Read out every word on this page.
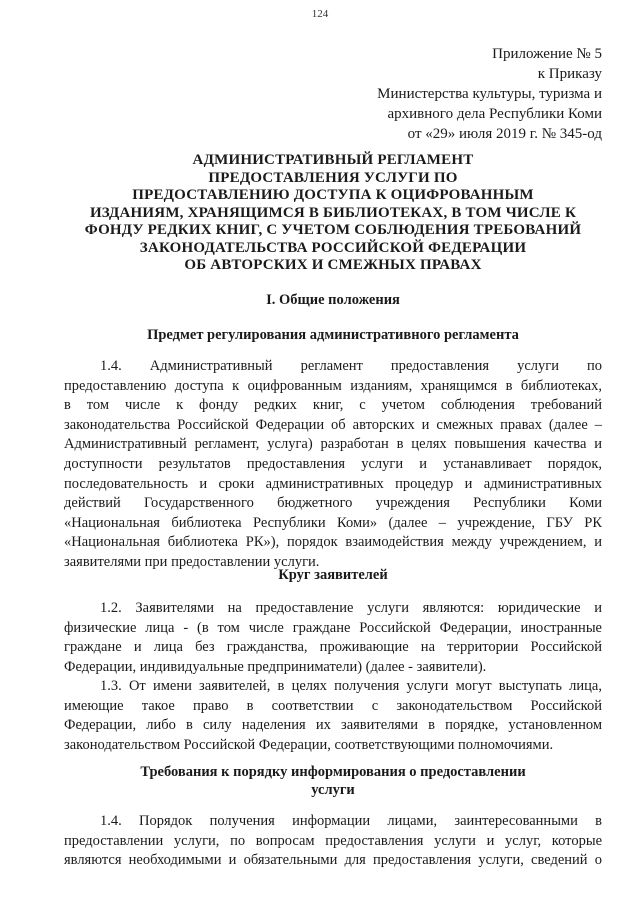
124
Приложение № 5
к Приказу
Министерства культуры, туризма и
архивного дела Республики Коми
от «29» июля 2019 г. № 345-од
АДМИНИСТРАТИВНЫЙ РЕГЛАМЕНТ
ПРЕДОСТАВЛЕНИЯ УСЛУГИ ПО
ПРЕДОСТАВЛЕНИЮ ДОСТУПА К ОЦИФРОВАННЫМ
ИЗДАНИЯМ, ХРАНЯЩИМСЯ В БИБЛИОТЕКАХ, В ТОМ ЧИСЛЕ К
ФОНДУ РЕДКИХ КНИГ, С УЧЕТОМ СОБЛЮДЕНИЯ ТРЕБОВАНИЙ
ЗАКОНОДАТЕЛЬСТВА РОССИЙСКОЙ ФЕДЕРАЦИИ
ОБ АВТОРСКИХ И СМЕЖНЫХ ПРАВАХ
I. Общие положения
Предмет регулирования административного регламента
1.4. Административный регламент предоставления услуги по
предоставлению доступа к оцифрованным изданиям, хранящимся в библиотеках,
в том числе к фонду редких книг, с учетом соблюдения требований
законодательства Российской Федерации об авторских и смежных правах (далее –
Административный регламент, услуга) разработан в целях повышения качества и
доступности результатов предоставления услуги и устанавливает порядок,
последовательность и сроки административных процедур и административных
действий Государственного бюджетного учреждения Республики Коми
«Национальная библиотека Республики Коми» (далее – учреждение, ГБУ РК
«Национальная библиотека РК»), порядок взаимодействия между учреждением, и
заявителями при предоставлении услуги.
Круг заявителей
1.2. Заявителями на предоставление услуги являются: юридические и
физические лица - (в том числе граждане Российской Федерации, иностранные
граждане и лица без гражданства, проживающие на территории Российской
Федерации, индивидуальные предприниматели) (далее - заявители).
1.3. От имени заявителей, в целях получения услуги могут выступать лица,
имеющие такое право в соответствии с законодательством Российской
Федерации, либо в силу наделения их заявителями в порядке, установленном
законодательством Российской Федерации, соответствующими полномочиями.
Требования к порядку информирования о предоставлении
услуги
1.4. Порядок получения информации лицами, заинтересованными в
предоставлении услуги, по вопросам предоставления услуги и услуг, которые
являются необходимыми и обязательными для предоставления услуги, сведений о
